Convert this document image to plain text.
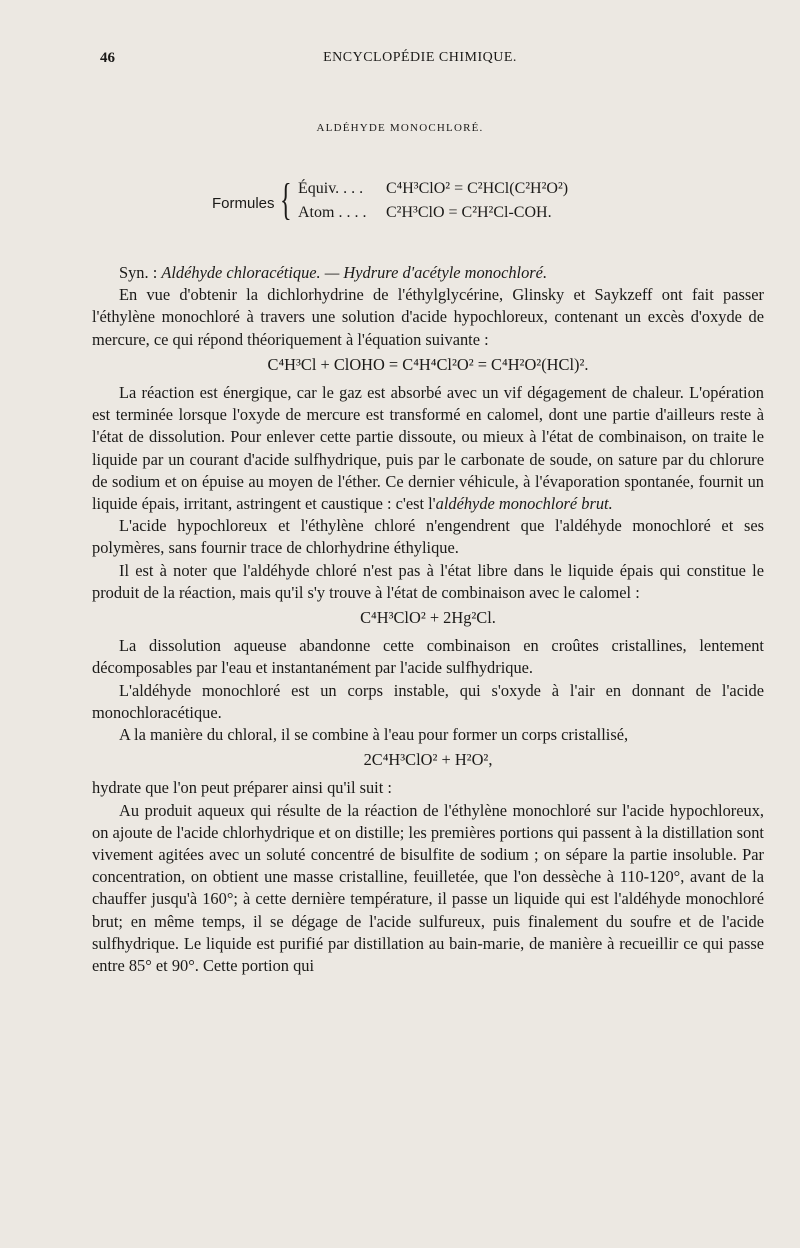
46	ENCYCLOPÉDIE CHIMIQUE.
ALDÉHYDE MONOCHLORÉ.
Formules { Équiv. . . . C⁴H³ClO² = C²HCl(C²H²O²)
Atom . . . . C²H³ClO = C²H²Cl-COH.

Syn. : Aldéhyde chloracétique. — Hydrure d'acétyle monochloré.

En vue d'obtenir la dichlorhydrine de l'éthylglycérine, Glinsky et Saykzeff ont fait passer l'éthylène monochloré à travers une solution d'acide hypochloreux, contenant un excès d'oxyde de mercure, ce qui répond théoriquement à l'équation suivante :

C⁴H³Cl + ClOHO = C⁴H⁴Cl²O² = C⁴H²O²(HCl)².

La réaction est énergique, car le gaz est absorbé avec un vif dégagement de chaleur. L'opération est terminée lorsque l'oxyde de mercure est transformé en calomel, dont une partie d'ailleurs reste à l'état de dissolution. Pour enlever cette partie dissoute, ou mieux à l'état de combinaison, on traite le liquide par un courant d'acide sulfhydrique, puis par le carbonate de soude, on sature par du chlorure de sodium et on épuise au moyen de l'éther. Ce dernier véhicule, à l'évaporation spontanée, fournit un liquide épais, irritant, astringent et caustique : c'est l'aldéhyde monochloré brut.

L'acide hypochloreux et l'éthylène chloré n'engendrent que l'aldéhyde monochloré et ses polymères, sans fournir trace de chlorhydrine éthylique.

Il est à noter que l'aldéhyde chloré n'est pas à l'état libre dans le liquide épais qui constitue le produit de la réaction, mais qu'il s'y trouve à l'état de combinaison avec le calomel :

C⁴H³ClO² + 2Hg²Cl.

La dissolution aqueuse abandonne cette combinaison en croûtes cristallines, lentement décomposables par l'eau et instantanément par l'acide sulfhydrique.

L'aldéhyde monochloré est un corps instable, qui s'oxyde à l'air en donnant de l'acide monochloracétique.

A la manière du chloral, il se combine à l'eau pour former un corps cristallisé,

2C⁴H³ClO² + H²O²,

hydrate que l'on peut préparer ainsi qu'il suit :

Au produit aqueux qui résulte de la réaction de l'éthylène monochloré sur l'acide hypochloreux, on ajoute de l'acide chlorhydrique et on distille; les premières portions qui passent à la distillation sont vivement agitées avec un soluté concentré de bisulfite de sodium ; on sépare la partie insoluble. Par concentration, on obtient une masse cristalline, feuilletée, que l'on dessèche à 110-120°, avant de la chauffer jusqu'à 160°; à cette dernière température, il passe un liquide qui est l'aldéhyde monochloré brut; en même temps, il se dégage de l'acide sulfureux, puis finalement du soufre et de l'acide sulfhydrique. Le liquide est purifié par distillation au bain-marie, de manière à recueillir ce qui passe entre 85° et 90°. Cette portion qui
